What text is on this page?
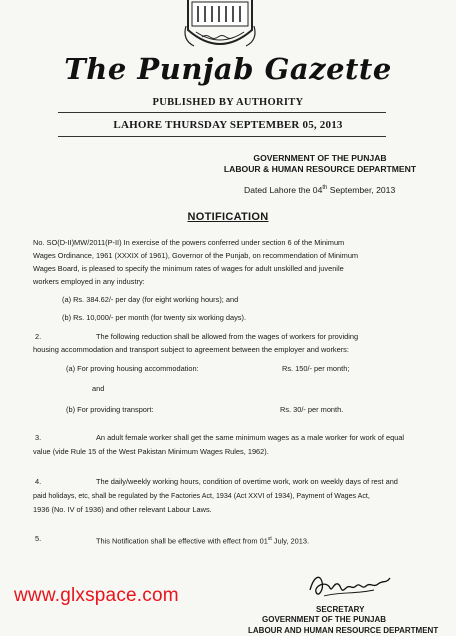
The Punjab Gazette
PUBLISHED BY AUTHORITY
LAHORE THURSDAY SEPTEMBER 05, 2013
GOVERNMENT OF THE PUNJAB
LABOUR & HUMAN RESOURCE DEPARTMENT
Dated Lahore the 04th September, 2013
NOTIFICATION
No. SO(D-II)MW/2011(P-II) In exercise of the powers conferred under section 6 of the Minimum
Wages Ordinance, 1961 (XXXIX of 1961), Governor of the Punjab, on recommendation of Minimum
Wages Board, is pleased to specify the minimum rates of wages for adult unskilled and juvenile
workers employed in any industry:
(a) Rs. 384.62/- per day (for eight working hours); and
(b) Rs. 10,000/- per month (for twenty six working days).
2.	The following reduction shall be allowed from the wages of workers for providing
housing accommodation and transport subject to agreement between the employer and workers:
(a) For proving housing accommodation:	Rs. 150/- per month;
and
(b) For providing transport:	Rs. 30/- per month.
3.	An adult female worker shall get the same minimum wages as a male worker for work of equal
value (vide Rule 15 of the West Pakistan Minimum Wages Rules, 1962).
4.	The daily/weekly working hours, condition of overtime work, work on weekly days of rest and
paid holidays, etc, shall be regulated by the Factories Act, 1934 (Act XXVI of 1934), Payment of Wages Act,
1936 (No. IV of 1936) and other relevant Labour Laws.
5.	This Notification shall be effective with effect from 01st July, 2013.
www.glxspace.com
SECRETARY
GOVERNMENT OF THE PUNJAB
LABOUR AND HUMAN RESOURCE DEPARTMENT
